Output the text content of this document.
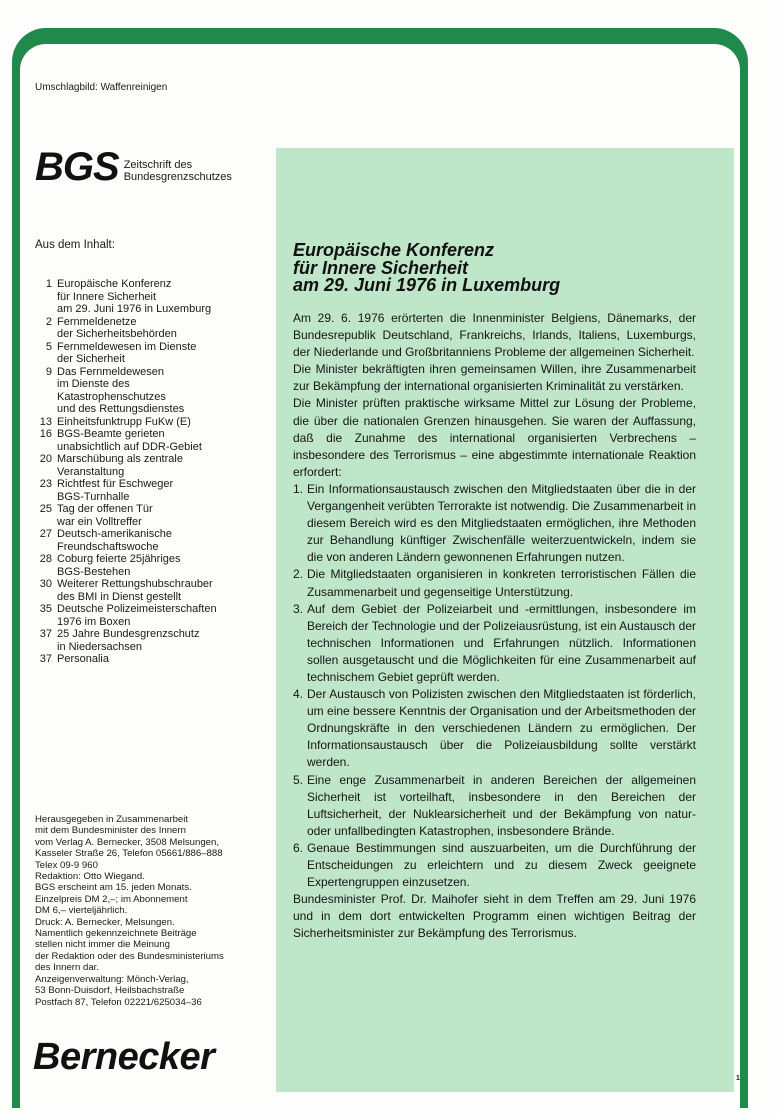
Umschlagbild: Waffenreinigen
BGS Zeitschrift des
Bundesgrenzschutzes
Aus dem Inhalt:
1 Europäische Konferenz
für Innere Sicherheit
am 29. Juni 1976 in Luxemburg
2 Fernmeldenetze
der Sicherheitsbehörden
5 Fernmeldewesen im Dienste
der Sicherheit
9 Das Fernmeldewesen
im Dienste des
Katastrophenschutzes
und des Rettungsdienstes
13 Einheitsfunktrupp FuKw (E)
16 BGS-Beamte gerieten
unabsichtlich auf DDR-Gebiet
20 Marschübung als zentrale
Veranstaltung
23 Richtfest für Eschweger
BGS-Turnhalle
25 Tag der offenen Tür
war ein Volltreffer
27 Deutsch-amerikanische
Freundschaftswoche
28 Coburg feierte 25jähriges
BGS-Bestehen
30 Weiterer Rettungshubschrauber
des BMI in Dienst gestellt
35 Deutsche Polizeimeisterschaften
1976 im Boxen
37 25 Jahre Bundesgrenzschutz
in Niedersachsen
37 Personalia
Herausgegeben in Zusammenarbeit
mit dem Bundesminister des Innern
vom Verlag A. Bernecker, 3508 Melsungen,
Kasseler Straße 26, Telefon 05661/886–888
Telex 09-9 960
Redaktion: Otto Wiegand.
BGS erscheint am 15. jeden Monats.
Einzelpreis DM 2,–; im Abonnement
DM 6,– vierteljährlich.
Druck: A. Bernecker, Melsungen.
Namentlich gekennzeichnete Beiträge
stellen nicht immer die Meinung
der Redaktion oder des Bundesministeriums
des Innern dar.
Anzeigenverwaltung: Mönch-Verlag,
53 Bonn-Duisdorf, Heilsbachstraße
Postfach 87, Telefon 02221/625034–36
Bernecker
Europäische Konferenz
für Innere Sicherheit
am 29. Juni 1976 in Luxemburg

Am 29. 6. 1976 erörterten die Innenminister Belgiens, Dänemarks, der Bundesrepublik Deutschland, Frankreichs, Irlands, Italiens, Luxemburgs, der Niederlande und Großbritanniens Probleme der allgemeinen Sicherheit.

Die Minister bekräftigten ihren gemeinsamen Willen, ihre Zusammenarbeit zur Bekämpfung der international organisierten Kriminalität zu verstärken.

Die Minister prüften praktische wirksame Mittel zur Lösung der Probleme, die über die nationalen Grenzen hinausgehen. Sie waren der Auffassung, daß die Zunahme des international organisierten Verbrechens – insbesondere des Terrorismus – eine abgestimmte internationale Reaktion erfordert:

1. Ein Informationsaustausch zwischen den Mitgliedstaaten über die in der Vergangenheit verübten Terrorakte ist notwendig. Die Zusammenarbeit in diesem Bereich wird es den Mitgliedstaaten ermöglichen, ihre Methoden zur Behandlung künftiger Zwischenfälle weiterzuentwickeln, indem sie die von anderen Ländern gewonnenen Erfahrungen nutzen.
2. Die Mitgliedstaaten organisieren in konkreten terroristischen Fällen die Zusammenarbeit und gegenseitige Unterstützung.
3. Auf dem Gebiet der Polizeiarbeit und -ermittlungen, insbesondere im Bereich der Technologie und der Polizeiausrüstung, ist ein Austausch der technischen Informationen und Erfahrungen nützlich. Informationen sollen ausgetauscht und die Möglichkeiten für eine Zusammenarbeit auf technischem Gebiet geprüft werden.
4. Der Austausch von Polizisten zwischen den Mitgliedstaaten ist förderlich, um eine bessere Kenntnis der Organisation und der Arbeitsmethoden der Ordnungskräfte in den verschiedenen Ländern zu ermöglichen. Der Informationsaustausch über die Polizeiausbildung sollte verstärkt werden.
5. Eine enge Zusammenarbeit in anderen Bereichen der allgemeinen Sicherheit ist vorteilhaft, insbesondere in den Bereichen der Luftsicherheit, der Nuklearsicherheit und der Bekämpfung von natur- oder unfallbedingten Katastrophen, insbesondere Brände.
6. Genaue Bestimmungen sind auszuarbeiten, um die Durchführung der Entscheidungen zu erleichtern und zu diesem Zweck geeignete Expertengruppen einzusetzen.

Bundesminister Prof. Dr. Maihofer sieht in dem Treffen am 29. Juni 1976 und in dem dort entwickelten Programm einen wichtigen Beitrag der Sicherheitsminister zur Bekämpfung des Terrorismus.

1
